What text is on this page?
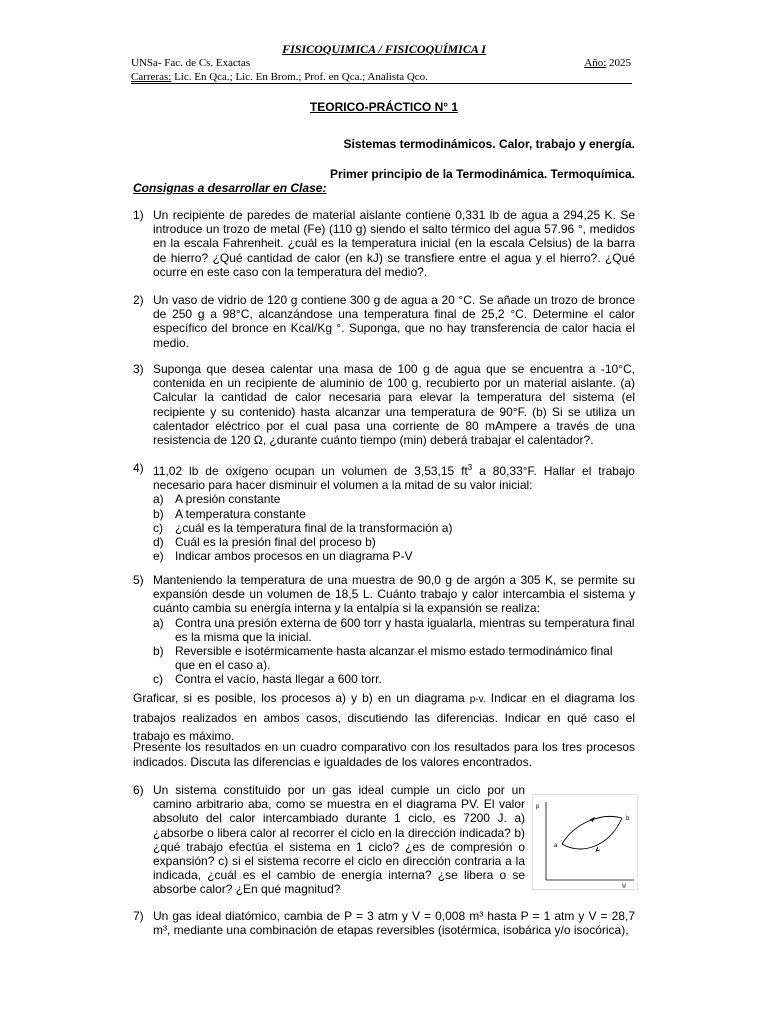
FISICOQUIMICA / FISICOQUÍMICA I
UNSa- Fac. de Cs. Exactas	Año: 2025
Carreras: Lic. En Qca.; Lic. En Brom.; Prof. en Qca.; Analista Qco.
TEORICO-PRÁCTICO N° 1
Sistemas termodinámicos. Calor, trabajo y energía.
Primer principio de la Termodinámica. Termoquímica.
Consignas a desarrollar en Clase:
1) Un recipiente de paredes de material aislante contiene 0,331 lb de agua a 294,25 K. Se introduce un trozo de metal (Fe) (110 g) siendo el salto térmico del agua 57.96 °, medidos en la escala Fahrenheit. ¿cuál es la temperatura inicial (en la escala Celsius) de la barra de hierro? ¿Qué cantidad de calor (en kJ) se transfiere entre el agua y el hierro?. ¿Qué ocurre en este caso con la temperatura del medio?.
2) Un vaso de vidrio de 120 g contiene 300 g de agua a 20 °C. Se añade un trozo de bronce de 250 g a 98°C, alcanzándose una temperatura final de 25,2 °C. Determine el calor específico del bronce en Kcal/Kg °. Suponga, que no hay transferencia de calor hacia el medio.
3) Suponga que desea calentar una masa de 100 g de agua que se encuentra a -10°C, contenida en un recipiente de aluminio de 100 g, recubierto por un material aislante. (a) Calcular la cantidad de calor necesaria para elevar la temperatura del sistema (el recipiente y su contenido) hasta alcanzar una temperatura de 90°F. (b) Si se utiliza un calentador eléctrico por el cual pasa una corriente de 80 mAmpere a través de una resistencia de 120 Ω, ¿durante cuánto tiempo (min) deberá trabajar el calentador?.
4) 11,02 lb de oxígeno ocupan un volumen de 3,53,15 $ft^3$ a 80,33°F. Hallar el trabajo necesario para hacer disminuir el volumen a la mitad de su valor inicial:
a) A presión constante
b) A temperatura constante
c) ¿cuál es la temperatura final de la transformación a)
d) Cuál es la presión final del proceso b)
e) Indicar ambos procesos en un diagrama P-V
5) Manteniendo la temperatura de una muestra de 90,0 g de argón a 305 K, se permite su expansión desde un volumen de 18,5 L. Cuánto trabajo y calor intercambia el sistema y cuánto cambia su energía interna y la entalpía si la expansión se realiza:
a) Contra una presión externa de 600 torr y hasta igualarla, mientras su temperatura final es la misma que la inicial.
b) Reversible e isotérmicamente hasta alcanzar el mismo estado termodinámico final que en el caso a).
c) Contra el vacío, hasta llegar a 600 torr.
Graficar, si es posible, los procesos a) y b) en un diagrama p-v. Indicar en el diagrama los trabajos realizados en ambos casos, discutiendo las diferencias. Indicar en qué caso el trabajo es máximo.
Presente los resultados en un cuadro comparativo con los resultados para los tres procesos indicados. Discuta las diferencias e igualdades de los valores encontrados.
6) Un sistema constituido por un gas ideal cumple un ciclo por un camino arbitrario aba, como se muestra en el diagrama PV. El valor absoluto del calor intercambiado durante 1 ciclo, es 7200 J. a) ¿absorbe o libera calor al recorrer el ciclo en la dirección indicada? b) ¿qué trabajo efectúa el sistema en 1 ciclo? ¿es de compresión o expansión? c) si el sistema recorre el ciclo en dirección contraria a la indicada, ¿cuál es el cambio de energía interna? ¿se libera o se absorbe calor? ¿En qué magnitud?
p
V
a
b
7) Un gas ideal diatómico, cambia de P = 3 atm y V = 0,008 m³ hasta P = 1 atm y V = 28,7 m³, mediante una combinación de etapas reversibles (isotérmica, isobárica y/o isocórica),
